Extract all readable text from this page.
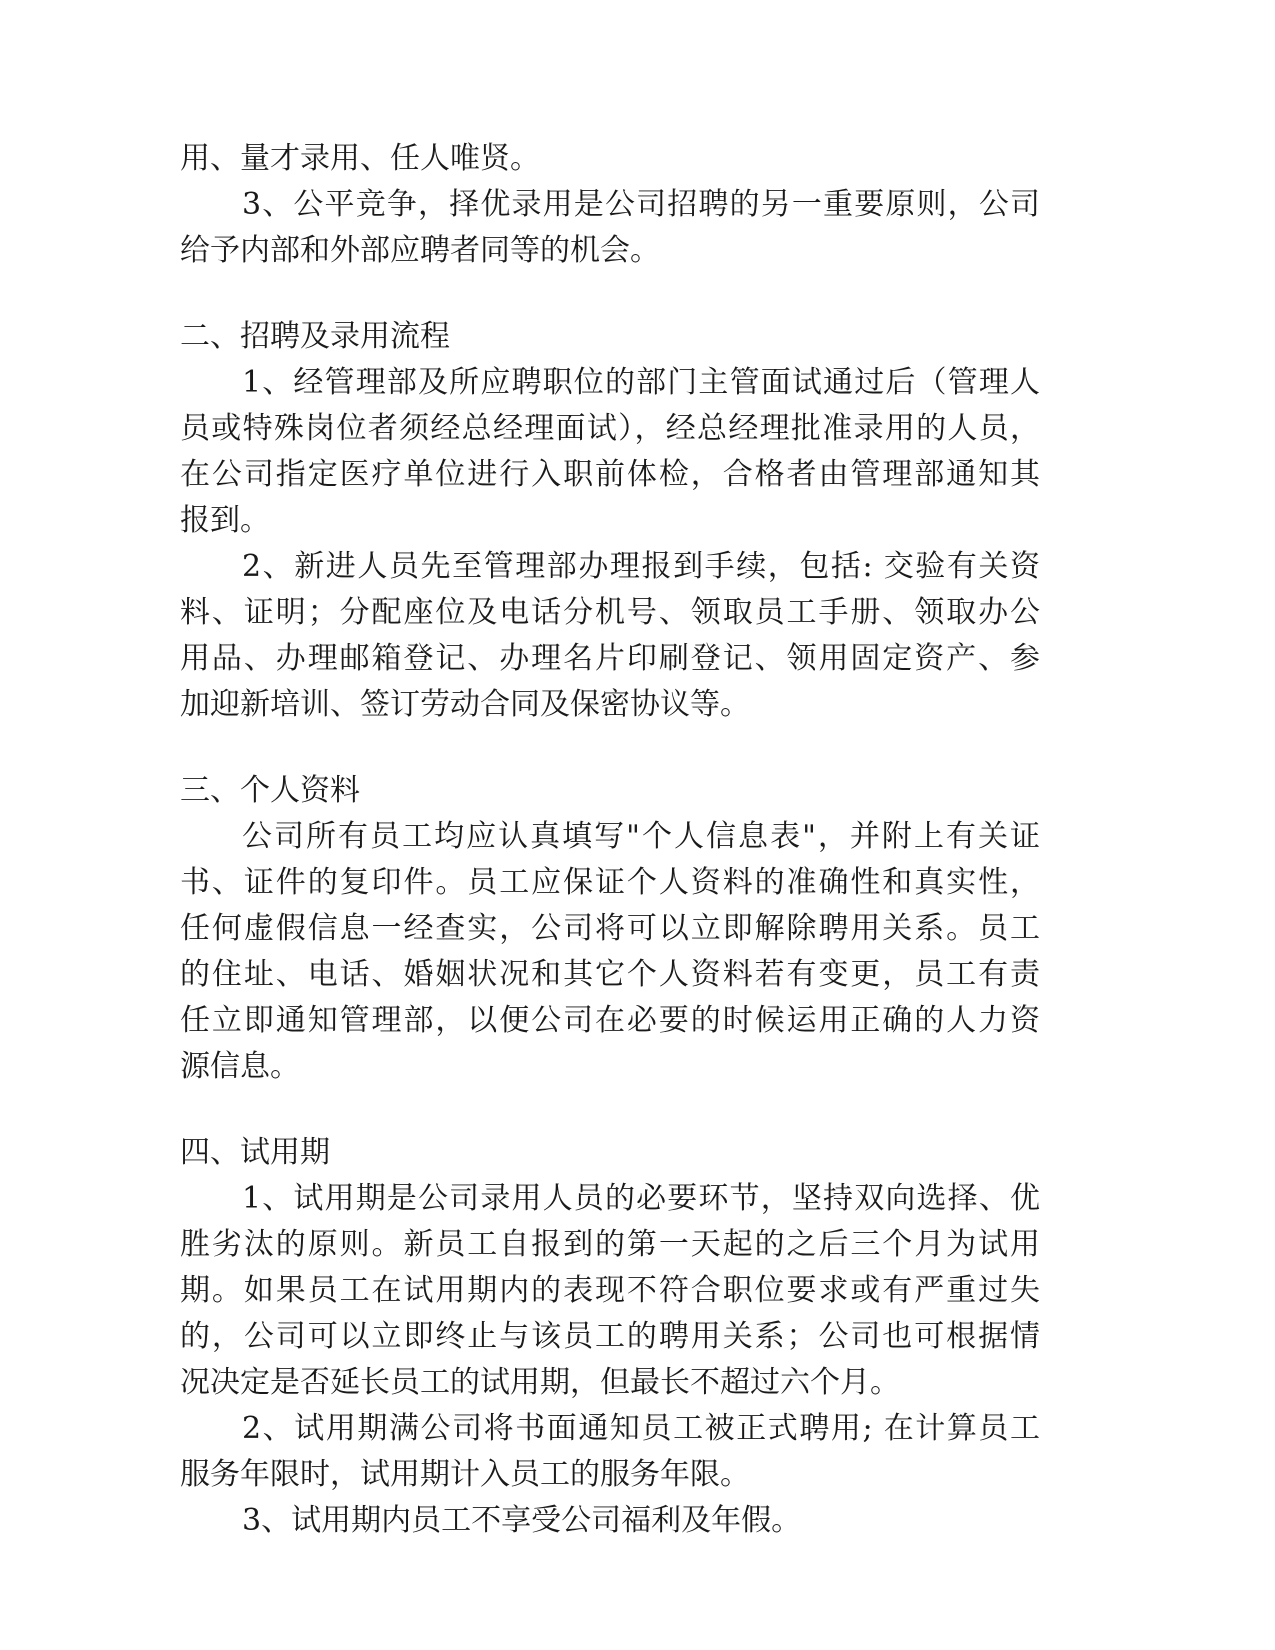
用、量才录用、任人唯贤。
3、公平竞争，择优录用是公司招聘的另一重要原则，公司
给予内部和外部应聘者同等的机会。
二、招聘及录用流程
1、经管理部及所应聘职位的部门主管面试通过后（管理人
员或特殊岗位者须经总经理面试），经总经理批准录用的人员，
在公司指定医疗单位进行入职前体检，合格者由管理部通知其
报到。
2、新进人员先至管理部办理报到手续，包括: 交验有关资
料、证明；分配座位及电话分机号、领取员工手册、领取办公
用品、办理邮箱登记、办理名片印刷登记、领用固定资产、参
加迎新培训、签订劳动合同及保密协议等。
三、个人资料
公司所有员工均应认真填写"个人信息表"，并附上有关证
书、证件的复印件。员工应保证个人资料的准确性和真实性，
任何虚假信息一经查实，公司将可以立即解除聘用关系。员工
的住址、电话、婚姻状况和其它个人资料若有变更，员工有责
任立即通知管理部，以便公司在必要的时候运用正确的人力资
源信息。
四、试用期
1、试用期是公司录用人员的必要环节，坚持双向选择、优
胜劣汰的原则。新员工自报到的第一天起的之后三个月为试用
期。如果员工在试用期内的表现不符合职位要求或有严重过失
的，公司可以立即终止与该员工的聘用关系；公司也可根据情
况决定是否延长员工的试用期，但最长不超过六个月。
2、试用期满公司将书面通知员工被正式聘用; 在计算员工
服务年限时，试用期计入员工的服务年限。
3、试用期内员工不享受公司福利及年假。
